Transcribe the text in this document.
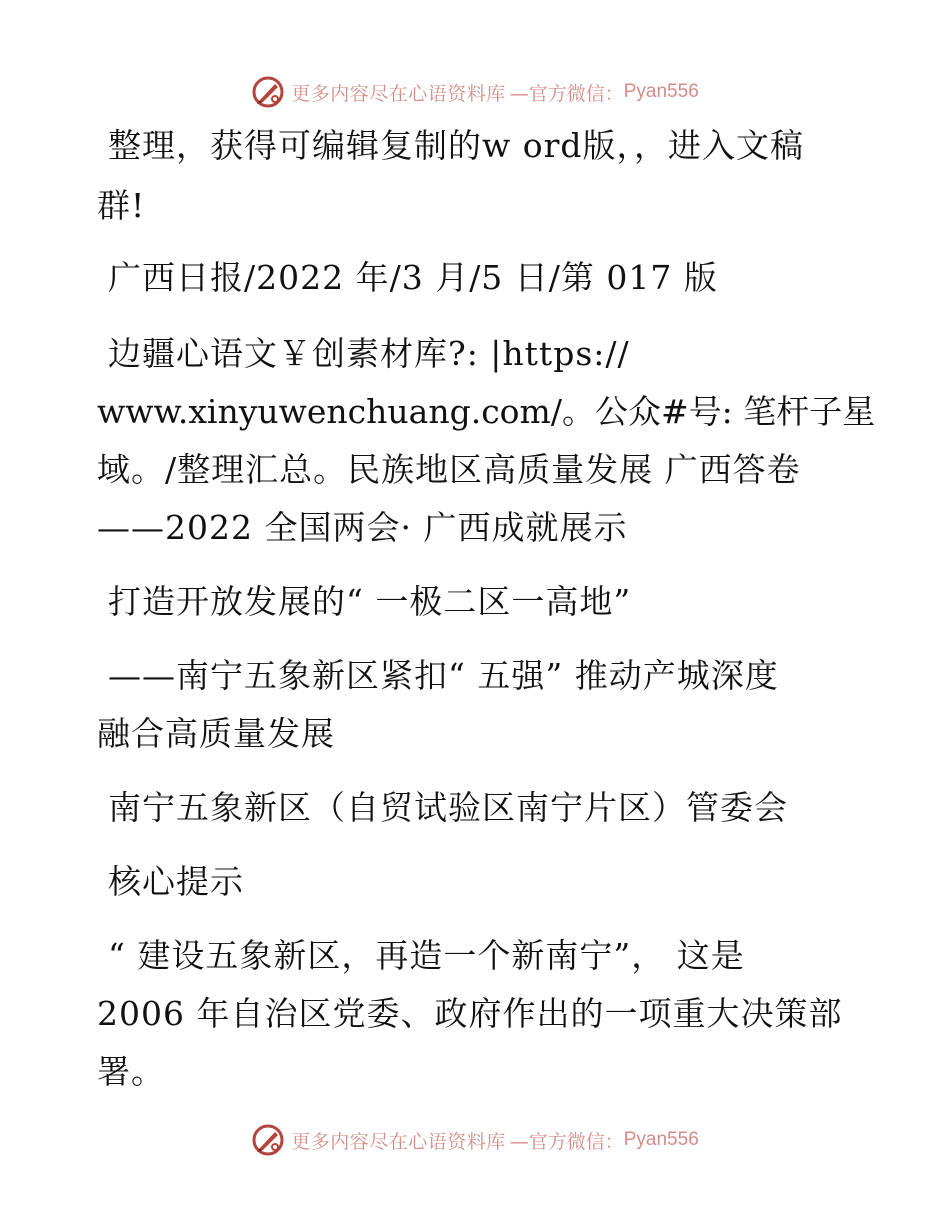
更多内容尽在心语资料库 —官方微信： Pyan556

整理，获得可编辑复制的w ord版，，进入文稿

群!

广西日报/2022 年/3 月/5 日/第 017 版

边疆心语文￥创素材库?: |https://

www.xinyuwenchuang.com/。公众#号: 笔杆子星

域。/整理汇总。民族地区高质量发展 广西答卷

——2022 全国两会· 广西成就展示

打造开放发展的“ 一极二区一高地”

——南宁五象新区紧扣“ 五强” 推动产城深度

融合高质量发展

南宁五象新区（自贸试验区南宁片区）管委会

核心提示

“ 建设五象新区，再造一个新南宁”， 这是

2006 年自治区党委、政府作出的一项重大决策部

署。

更多内容尽在心语资料库 —官方微信： Pyan556
